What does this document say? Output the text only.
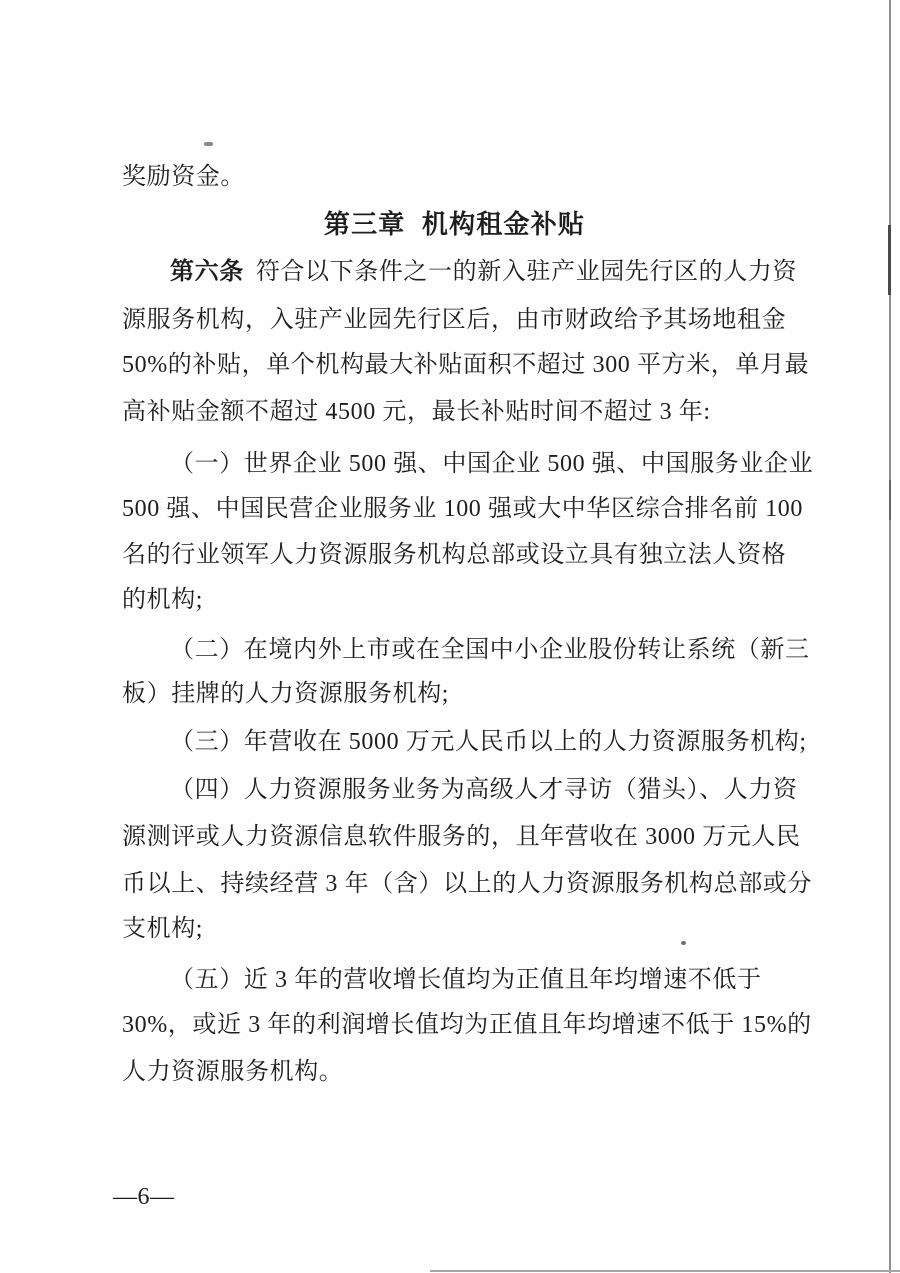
奖励资金。
第三章 机构租金补贴
第六条 符合以下条件之一的新入驻产业园先行区的人力资
源服务机构，入驻产业园先行区后，由市财政给予其场地租金
50%的补贴，单个机构最大补贴面积不超过 300 平方米，单月最
高补贴金额不超过 4500 元，最长补贴时间不超过 3 年:
（一）世界企业 500 强、中国企业 500 强、中国服务业企业
500 强、中国民营企业服务业 100 强或大中华区综合排名前 100
名的行业领军人力资源服务机构总部或设立具有独立法人资格
的机构;
（二）在境内外上市或在全国中小企业股份转让系统（新三
板）挂牌的人力资源服务机构;
（三）年营收在 5000 万元人民币以上的人力资源服务机构;
（四）人力资源服务业务为高级人才寻访（猎头）、人力资
源测评或人力资源信息软件服务的，且年营收在 3000 万元人民
币以上、持续经营 3 年（含）以上的人力资源服务机构总部或分
支机构;
（五）近 3 年的营收增长值均为正值且年均增速不低于
30%，或近 3 年的利润增长值均为正值且年均增速不低于 15%的
人力资源服务机构。
—6—
